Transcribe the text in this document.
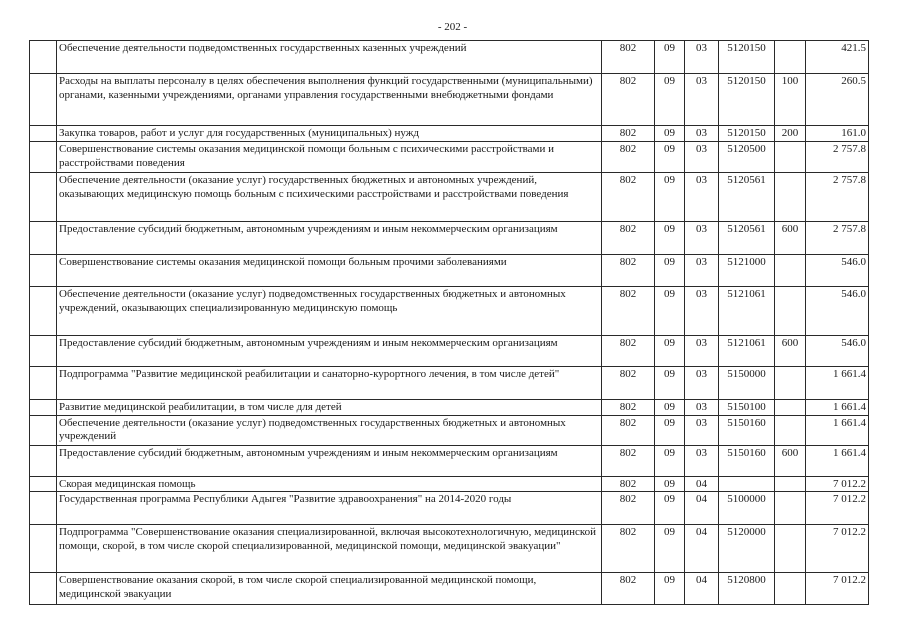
- 202 -
	Обеспечение деятельности подведомственных государственных казенных учреждений	802	09	03	5120150		421.5
	Расходы на выплаты персоналу в целях обеспечения выполнения функций государственными (муниципальными) органами, казенными учреждениями, органами управления государственными внебюджетными фондами	802	09	03	5120150	100	260.5
	Закупка товаров, работ и услуг для государственных (муниципальных) нужд	802	09	03	5120150	200	161.0
	Совершенствование системы оказания медицинской помощи больным с психическими расстройствами и расстройствами поведения	802	09	03	5120500		2 757.8
	Обеспечение деятельности (оказание услуг) государственных бюджетных и автономных учреждений, оказывающих медицинскую помощь больным с психическими расстройствами и расстройствами поведения	802	09	03	5120561		2 757.8
	Предоставление субсидий бюджетным, автономным учреждениям и иным некоммерческим организациям	802	09	03	5120561	600	2 757.8
	Совершенствование системы оказания медицинской помощи больным прочими заболеваниями	802	09	03	5121000		546.0
	Обеспечение деятельности (оказание услуг) подведомственных государственных бюджетных и автономных учреждений, оказывающих специализированную медицинскую помощь	802	09	03	5121061		546.0
	Предоставление субсидий бюджетным, автономным учреждениям и иным некоммерческим организациям	802	09	03	5121061	600	546.0
	Подпрограмма "Развитие медицинской реабилитации и санаторно-курортного лечения, в том числе детей"	802	09	03	5150000		1 661.4
	Развитие медицинской реабилитации, в том числе для детей	802	09	03	5150100		1 661.4
	Обеспечение деятельности (оказание услуг) подведомственных государственных бюджетных и автономных учреждений	802	09	03	5150160		1 661.4
	Предоставление субсидий бюджетным, автономным учреждениям и иным некоммерческим организациям	802	09	03	5150160	600	1 661.4
	Скорая медицинская помощь	802	09	04			7 012.2
	Государственная программа Республики Адыгея "Развитие здравоохранения" на 2014-2020 годы	802	09	04	5100000		7 012.2
	Подпрограмма "Совершенствование оказания специализированной, включая высокотехнологичную, медицинской помощи, скорой, в том числе скорой специализированной, медицинской помощи, медицинской эвакуации"	802	09	04	5120000		7 012.2
	Совершенствование оказания скорой, в том числе скорой специализированной медицинской помощи, медицинской эвакуации	802	09	04	5120800		7 012.2
